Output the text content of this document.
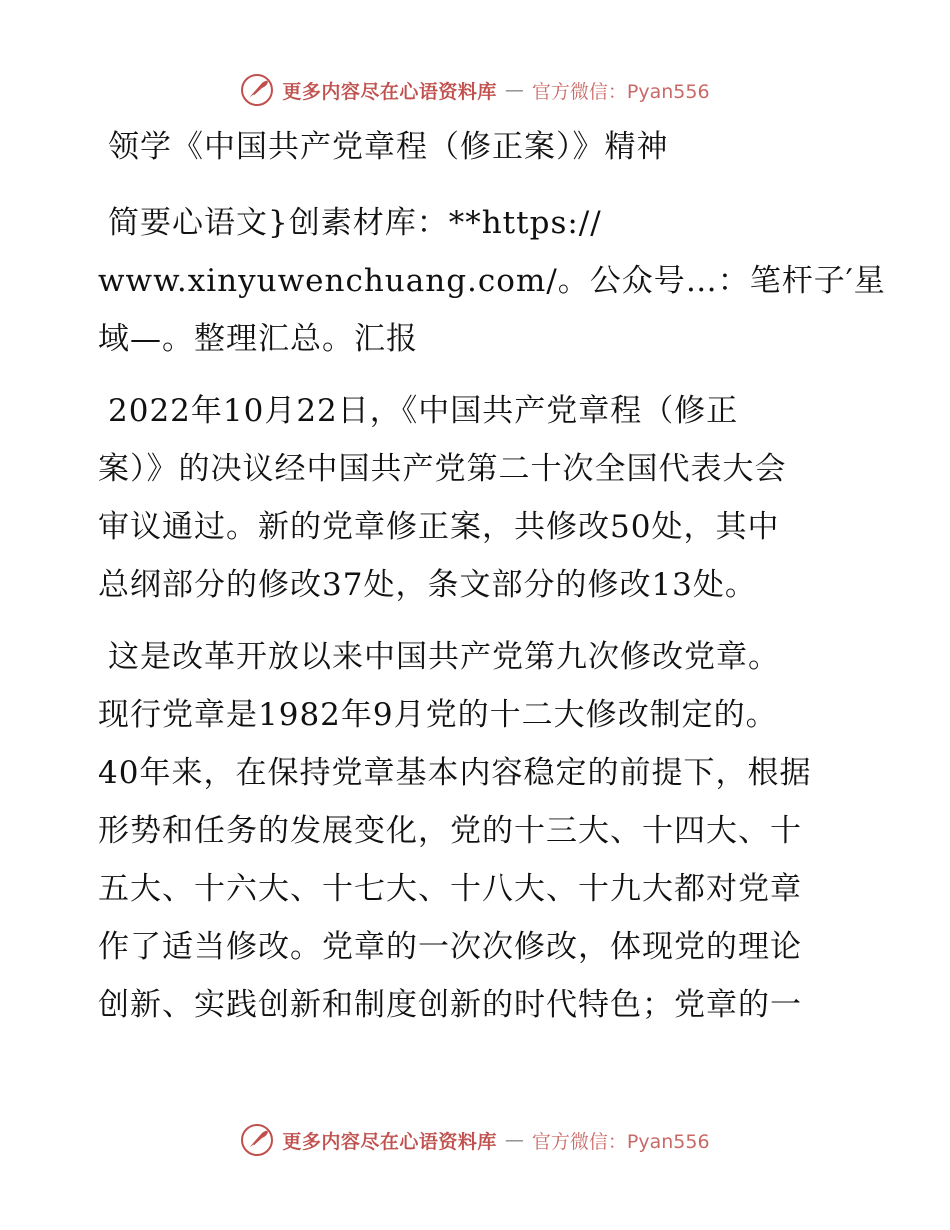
更多内容尽在心语资料库 — 官方微信：Pyan556

领学《中国共产党章程（修正案）》精神

简要心语文}创素材库：**https://
www.xinyuwenchuang.com/。公众号…：笔杆子′星
域—。整理汇总。汇报

2022年10月22日，《中国共产党章程（修正
案）》的决议经中国共产党第二十次全国代表大会
审议通过。新的党章修正案，共修改50处，其中
总纲部分的修改37处，条文部分的修改13处。

这是改革开放以来中国共产党第九次修改党章。
现行党章是1982年9月党的十二大修改制定的。
40年来，在保持党章基本内容稳定的前提下，根据
形势和任务的发展变化，党的十三大、十四大、十
五大、十六大、十七大、十八大、十九大都对党章
作了适当修改。党章的一次次修改，体现党的理论
创新、实践创新和制度创新的时代特色；党章的一

更多内容尽在心语资料库 — 官方微信：Pyan556
